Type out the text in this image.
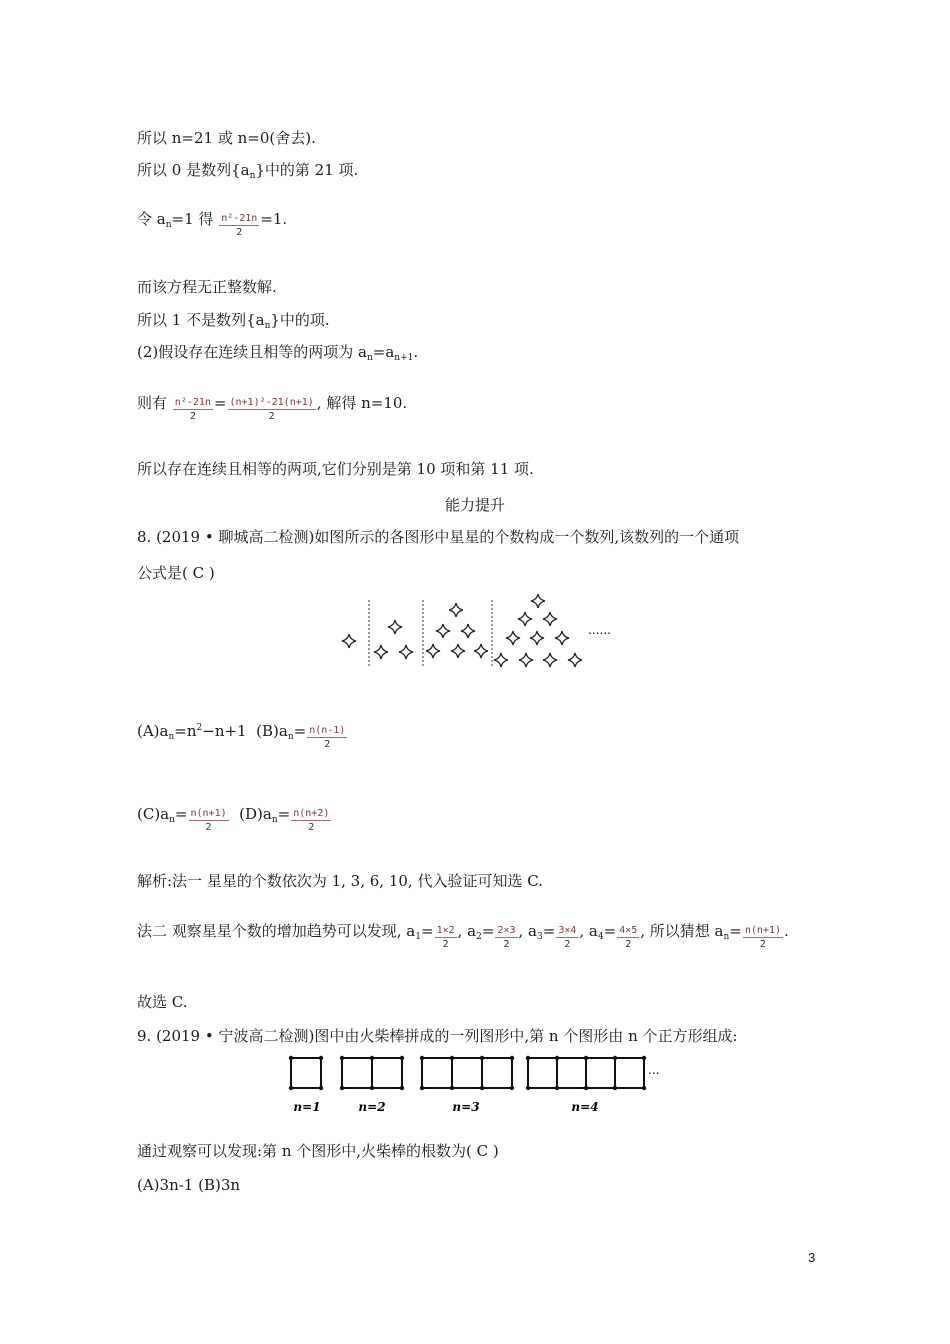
所以 n=21 或 n=0(舍去).
所以 0 是数列$\{a_n\}$中的第 21 项.
令 $a_n=1$ 得 $\frac{\text{n²-21n}}{2} =1$.
而该方程无正整数解.
所以 1 不是数列$\{a_n\}$中的项.
(2)假设存在连续且相等的两项为 $a_n=a_{n+1}$.
则有 $\frac{\text{n²-21n}}{2} = \frac{\text{(n+1)²-21(n+1)}}{2}$ , 解得 n=10.
所以存在连续且相等的两项,它们分别是第 10 项和第 11 项.
能力提升
8. (2019 • 聊城高二检测)如图所示的各图形中星星的个数构成一个数列,该数列的一个通项
公式是( C )
......
$(A)a_n=n^2-n+1$ $(B)a_n= \frac{n(n-1)}{2}$
$(C)a_n= \frac{n(n+1)}{2} (D)a_n= \frac{n(n+2)}{2}$
解析:法一 星星的个数依次为 1, 3, 6, 10, 代入验证可知选 C.
法二 观察星星个数的增加趋势可以发现, $a_1= \frac{1\times 2}{2}$ , $a_2= \frac{2\times 3}{2}$ , $a_3= \frac{3\times 4}{2}$ , $a_4= \frac{4\times 5}{2}$ , 所以猜想 $a_n= \frac{n(n+1)}{2}$ .
故选 C.
9. (2019 • 宁波高二检测)图中由火柴棒拼成的一列图形中,第 n 个图形由 n 个正方形组成:
...
n=1	n=2	n=3	n=4
通过观察可以发现:第 n 个图形中,火柴棒的根数为( C )
(A)3n-1 (B)3n
3
